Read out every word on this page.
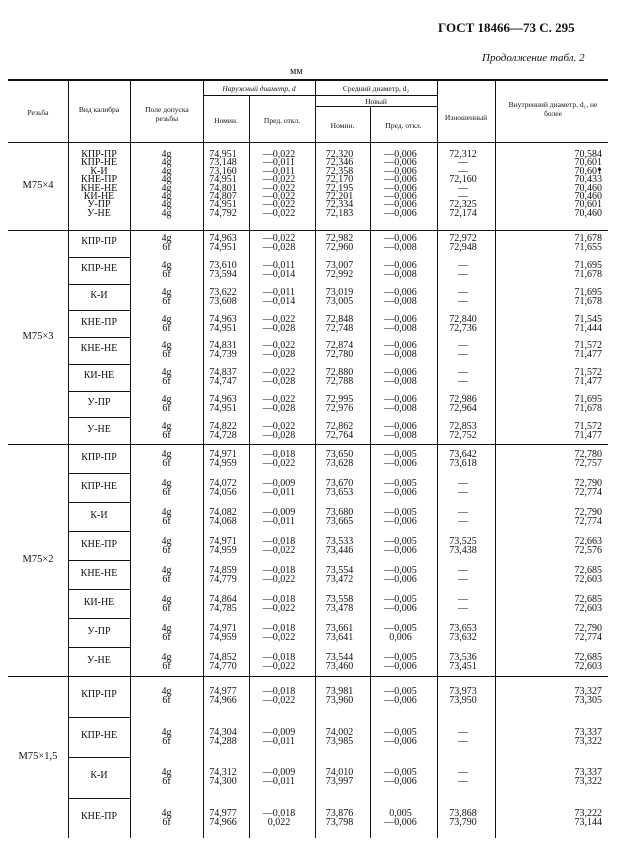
ГОСТ 18466—73 С. 295
Продолжение табл. 2
мм
Резьба	Вид калибра	Поле допуска резьбы
Наружный диаметр, d
Номин.	Пред. откл.
Средний диаметр, d₂
Новый
Номин.	Пред. откл.
Изношенный
Внутренний диаметр, d₁, не более
M75×4
КПР-ПР	4g	74,951	—0,022	72,320	—0,006	72,312	70,584
КПР-НЕ	4g	73,148	—0,011	72,346	—0,006	—	70,601
К-И	4g	73,160	—0,011	72,358	—0,006	—	70,601
КНЕ-ПР	4g	74,951	—0,022	72,170	—0,006	72,160	70,433
КНЕ-НЕ	4g	74,801	—0,022	72,195	—0,006	—	70,460
КИ-НЕ	4g	74,807	—0,022	72,201	—0,006	—	70,460
У-ПР	4g	74,951	—0,022	72,334	—0,006	72,325	70,601
У-НЕ	4g	74,792	—0,022	72,183	—0,006	72,174	70,460
M75×3
КПР-ПР	4g	74,963	—0,022	72,982	—0,006	72,972	71,678
6f	74,951	—0,028	72,960	—0,008	72,948	71,655
КПР-НЕ	4g	73,610	—0,011	73,007	—0,006	—	71,695
6f	73,594	—0,014	72,992	—0,008	—	71,678
К-И	4g	73,622	—0,011	73,019	—0,006	—	71,695
6f	73,608	—0,014	73,005	—0,008	—	71,678
КНЕ-ПР	4g	74,963	—0,022	72,848	—0,006	72,840	71,545
6f	74,951	—0,028	72,748	—0,008	72,736	71,444
КНЕ-НЕ	4g	74,831	—0,022	72,874	—0,006	—	71,572
6f	74,739	—0,028	72,780	—0,008	—	71,477
КИ-НЕ	4g	74,837	—0,022	72,880	—0,006	—	71,572
6f	74,747	—0,028	72,788	—0,008	—	71,477
У-ПР	4g	74,963	—0,022	72,995	—0,006	72,986	71,695
6f	74,951	—0,028	72,976	—0,008	72,964	71,678
У-НЕ	4g	74,822	—0,022	72,862	—0,006	72,853	71,572
6f	74,728	—0,028	72,764	—0,008	72,752	71,477
M75×2
КПР-ПР	4g	74,971	—0,018	73,650	—0,005	73,642	72,780
6f	74,959	—0,022	73,628	—0,006	73,618	72,757
КПР-НЕ	4g	74,072	—0,009	73,670	—0,005	—	72,790
6f	74,056	—0,011	73,653	—0,006	—	72,774
К-И	4g	74,082	—0,009	73,680	—0,005	—	72,790
6f	74,068	—0,011	73,665	—0,006	—	72,774
КНЕ-ПР	4g	74,971	—0,018	73,533	—0,005	73,525	72,663
6f	74,959	—0,022	73,446	—0,006	73,438	72,576
КНЕ-НЕ	4g	74,859	—0,018	73,554	—0,005	—	72,685
6f	74,779	—0,022	73,472	—0,006	—	72,603
КИ-НЕ	4g	74,864	—0,018	73,558	—0,005	—	72,685
6f	74,785	—0,022	73,478	—0,006	—	72,603
У-ПР	4g	74,971	—0,018	73,661	—0,005	73,653	72,790
6f	74,959	—0,022	73,641	0,006	73,632	72,774
У-НЕ	4g	74,852	—0,018	73,544	—0,005	73,536	72,685
6f	74,770	—0,022	73,460	—0,006	73,451	72,603
M75×1,5
КПР-ПР	4g	74,977	—0,018	73,981	—0,005	73,973	73,327
6f	74,966	—0,022	73,960	—0,006	73,950	73,305
КПР-НЕ	4g	74,304	—0,009	74,002	—0,005	—	73,337
6f	74,288	—0,011	73,985	—0,006	—	73,322
К-И	4g	74,312	—0,009	74,010	—0,005	—	73,337
6f	74,300	—0,011	73,997	—0,006	—	73,322
КНЕ-ПР	4g	74,977	—0,018	73,876	0,005	73,868	73,222
6f	74,966	0,022	73,798	—0,006	73,790	73,144
